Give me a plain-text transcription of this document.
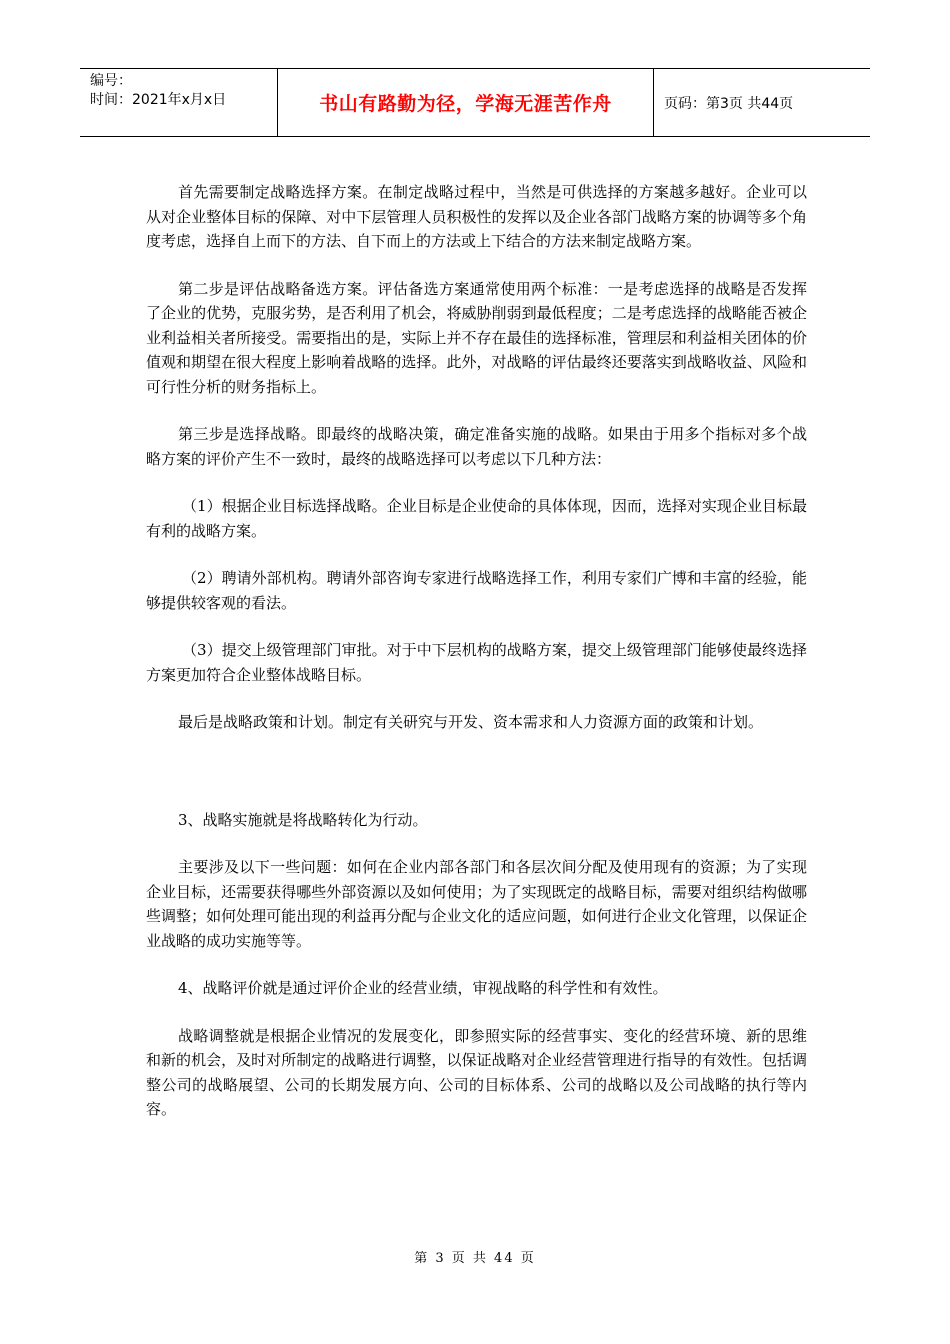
编号：
时间：2021年x月x日	书山有路勤为径，学海无涯苦作舟	页码：第3页 共44页

首先需要制定战略选择方案。在制定战略过程中，当然是可供选择的方案越多越好。企业可以从对企业整体目标的保障、对中下层管理人员积极性的发挥以及企业各部门战略方案的协调等多个角度考虑，选择自上而下的方法、自下而上的方法或上下结合的方法来制定战略方案。

第二步是评估战略备选方案。评估备选方案通常使用两个标准：一是考虑选择的战略是否发挥了企业的优势，克服劣势，是否利用了机会，将威胁削弱到最低程度；二是考虑选择的战略能否被企业利益相关者所接受。需要指出的是，实际上并不存在最佳的选择标准，管理层和利益相关团体的价值观和期望在很大程度上影响着战略的选择。此外，对战略的评估最终还要落实到战略收益、风险和可行性分析的财务指标上。

第三步是选择战略。即最终的战略决策，确定准备实施的战略。如果由于用多个指标对多个战略方案的评价产生不一致时，最终的战略选择可以考虑以下几种方法：

（1）根据企业目标选择战略。企业目标是企业使命的具体体现，因而，选择对实现企业目标最有利的战略方案。

（2）聘请外部机构。聘请外部咨询专家进行战略选择工作，利用专家们广博和丰富的经验，能够提供较客观的看法。

（3）提交上级管理部门审批。对于中下层机构的战略方案，提交上级管理部门能够使最终选择方案更加符合企业整体战略目标。

最后是战略政策和计划。制定有关研究与开发、资本需求和人力资源方面的政策和计划。

3、战略实施就是将战略转化为行动。

主要涉及以下一些问题：如何在企业内部各部门和各层次间分配及使用现有的资源；为了实现企业目标，还需要获得哪些外部资源以及如何使用；为了实现既定的战略目标，需要对组织结构做哪些调整；如何处理可能出现的利益再分配与企业文化的适应问题，如何进行企业文化管理，以保证企业战略的成功实施等等。

4、战略评价就是通过评价企业的经营业绩，审视战略的科学性和有效性。

战略调整就是根据企业情况的发展变化，即参照实际的经营事实、变化的经营环境、新的思维和新的机会，及时对所制定的战略进行调整，以保证战略对企业经营管理进行指导的有效性。包括调整公司的战略展望、公司的长期发展方向、公司的目标体系、公司的战略以及公司战略的执行等内容。

第 3 页 共 44 页
